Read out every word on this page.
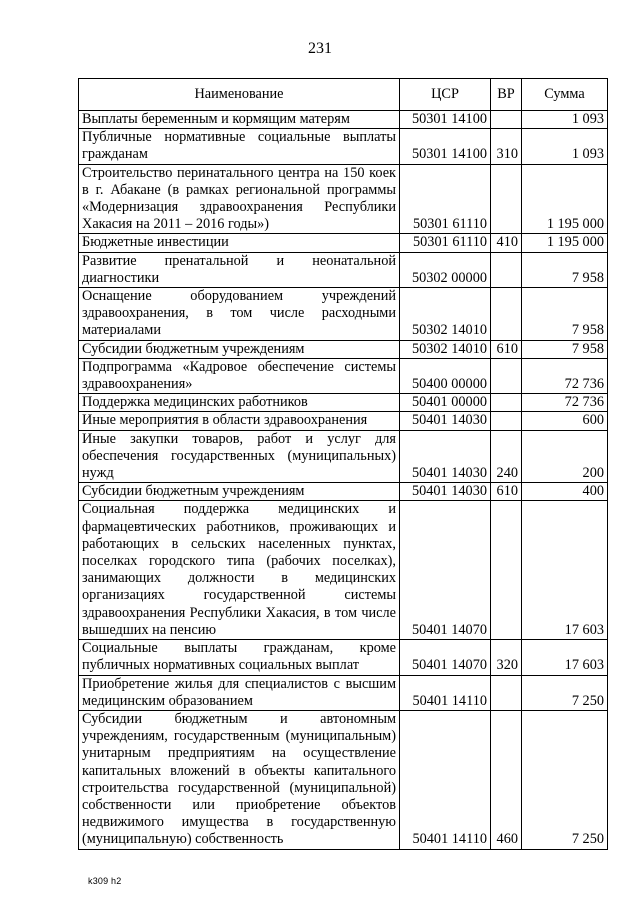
231
Наименование	ЦСР	ВР	Сумма
Выплаты беременным и кормящим матерям	50301 14100		1 093
Публичные нормативные социальные выплаты гражданам	50301 14100	310	1 093
Строительство перинатального центра на 150 коек в г. Абакане (в рамках региональной программы «Модернизация здравоохранения Республики Хакасия на 2011 – 2016 годы»)	50301 61110		1 195 000
Бюджетные инвестиции	50301 61110	410	1 195 000
Развитие пренатальной и неонатальной диагностики	50302 00000		7 958
Оснащение оборудованием учреждений здравоохранения, в том числе расходными материалами	50302 14010		7 958
Субсидии бюджетным учреждениям	50302 14010	610	7 958
Подпрограмма «Кадровое обеспечение системы здравоохранения»	50400 00000		72 736
Поддержка медицинских работников	50401 00000		72 736
Иные мероприятия в области здравоохранения	50401 14030		600
Иные закупки товаров, работ и услуг для обеспечения государственных (муниципальных) нужд	50401 14030	240	200
Субсидии бюджетным учреждениям	50401 14030	610	400
Социальная поддержка медицинских и фармацевтических работников, проживающих и работающих в сельских населенных пунктах, поселках городского типа (рабочих поселках), занимающих должности в медицинских организациях государственной системы здравоохранения Республики Хакасия, в том числе вышедших на пенсию	50401 14070		17 603
Социальные выплаты гражданам, кроме публичных нормативных социальных выплат	50401 14070	320	17 603
Приобретение жилья для специалистов с высшим медицинским образованием	50401 14110		7 250
Субсидии бюджетным и автономным учреждениям, государственным (муниципальным) унитарным предприятиям на осуществление капитальных вложений в объекты капитального строительства государственной (муниципальной) собственности или приобретение объектов недвижимого имущества в государственную (муниципальную) собственность	50401 14110	460	7 250
k309 h2
